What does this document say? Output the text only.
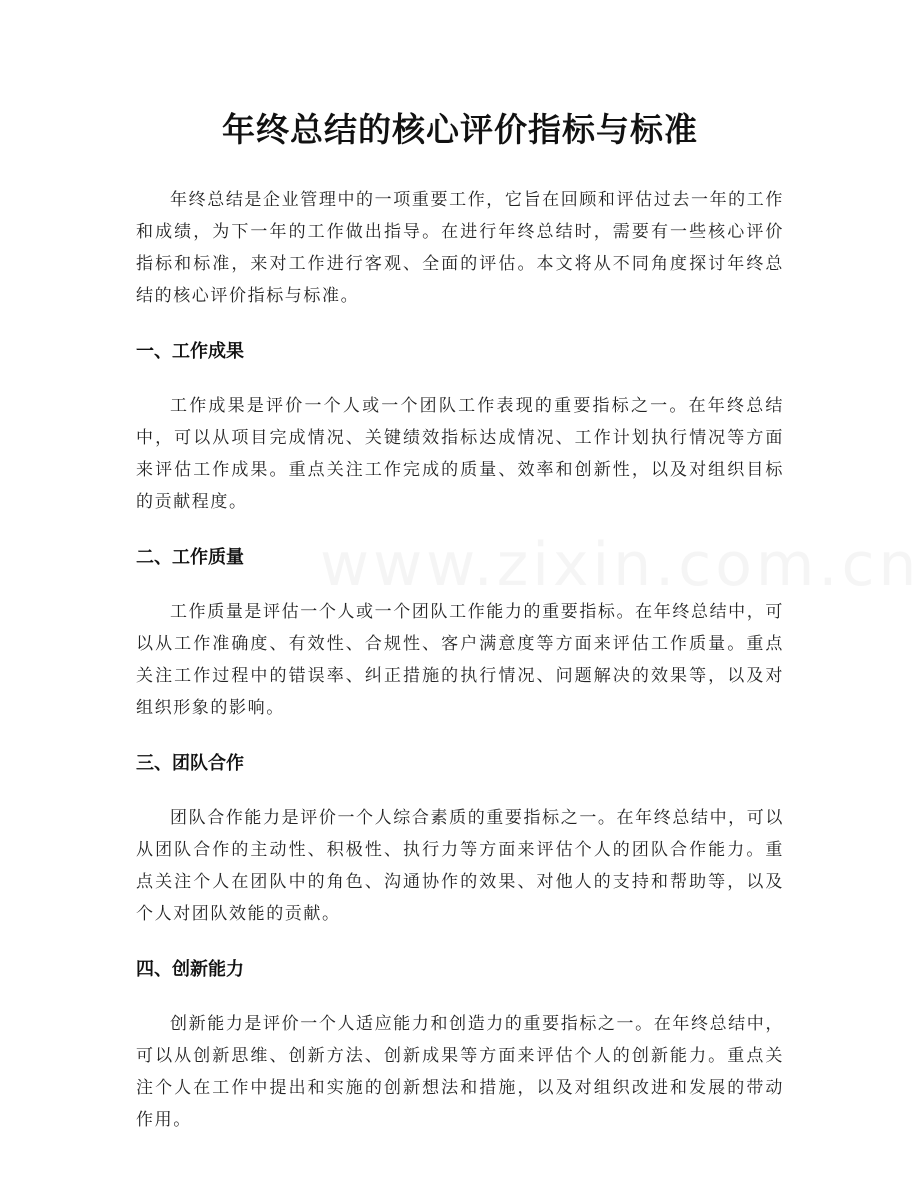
年终总结的核心评价指标与标准

年终总结是企业管理中的一项重要工作，它旨在回顾和评估过去一年的工作和成绩，为下一年的工作做出指导。在进行年终总结时，需要有一些核心评价指标和标准，来对工作进行客观、全面的评估。本文将从不同角度探讨年终总结的核心评价指标与标准。

一、工作成果

工作成果是评价一个人或一个团队工作表现的重要指标之一。在年终总结中，可以从项目完成情况、关键绩效指标达成情况、工作计划执行情况等方面来评估工作成果。重点关注工作完成的质量、效率和创新性，以及对组织目标的贡献程度。

二、工作质量

工作质量是评估一个人或一个团队工作能力的重要指标。在年终总结中，可以从工作准确度、有效性、合规性、客户满意度等方面来评估工作质量。重点关注工作过程中的错误率、纠正措施的执行情况、问题解决的效果等，以及对组织形象的影响。

三、团队合作

团队合作能力是评价一个人综合素质的重要指标之一。在年终总结中，可以从团队合作的主动性、积极性、执行力等方面来评估个人的团队合作能力。重点关注个人在团队中的角色、沟通协作的效果、对他人的支持和帮助等，以及个人对团队效能的贡献。

四、创新能力

创新能力是评价一个人适应能力和创造力的重要指标之一。在年终总结中，可以从创新思维、创新方法、创新成果等方面来评估个人的创新能力。重点关注个人在工作中提出和实施的创新想法和措施，以及对组织改进和发展的带动作用。

www.zixin.com.cn
